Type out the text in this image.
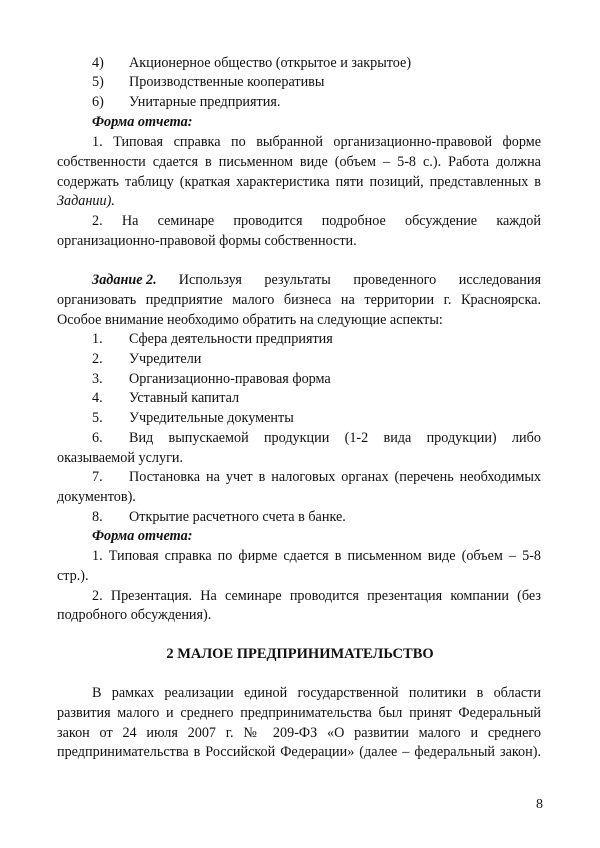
4) Акционерное общество (открытое и закрытое)
5) Производственные кооперативы
6) Унитарные предприятия.
Форма отчета:
1. Типовая справка по выбранной организационно-правовой форме
собственности сдается в письменном виде (объем – 5-8 с.). Работа должна
содержать таблицу (краткая характеристика пяти позиций, представленных в
Задании).
2. На семинаре проводится подробное обсуждение каждой
организационно-правовой формы собственности.
Задание 2. Используя результаты проведенного исследования
организовать предприятие малого бизнеса на территории г. Красноярска.
Особое внимание необходимо обратить на следующие аспекты:
1. Сфера деятельности предприятия
2. Учредители
3. Организационно-правовая форма
4. Уставный капитал
5. Учредительные документы
6. Вид выпускаемой продукции (1-2 вида продукции) либо
оказываемой услуги.
7. Постановка на учет в налоговых органах (перечень необходимых
документов).
8. Открытие расчетного счета в банке.
Форма отчета:
1. Типовая справка по фирме сдается в письменном виде (объем – 5-8
стр.).
2. Презентация. На семинаре проводится презентация компании (без
подробного обсуждения).
2 МАЛОЕ ПРЕДПРИНИМАТЕЛЬСТВО
В рамках реализации единой государственной политики в области
развития малого и среднего предпринимательства был принят Федеральный
закон от 24 июля 2007 г. № 209-ФЗ «О развитии малого и среднего
предпринимательства в Российской Федерации» (далее – федеральный закон).
8
